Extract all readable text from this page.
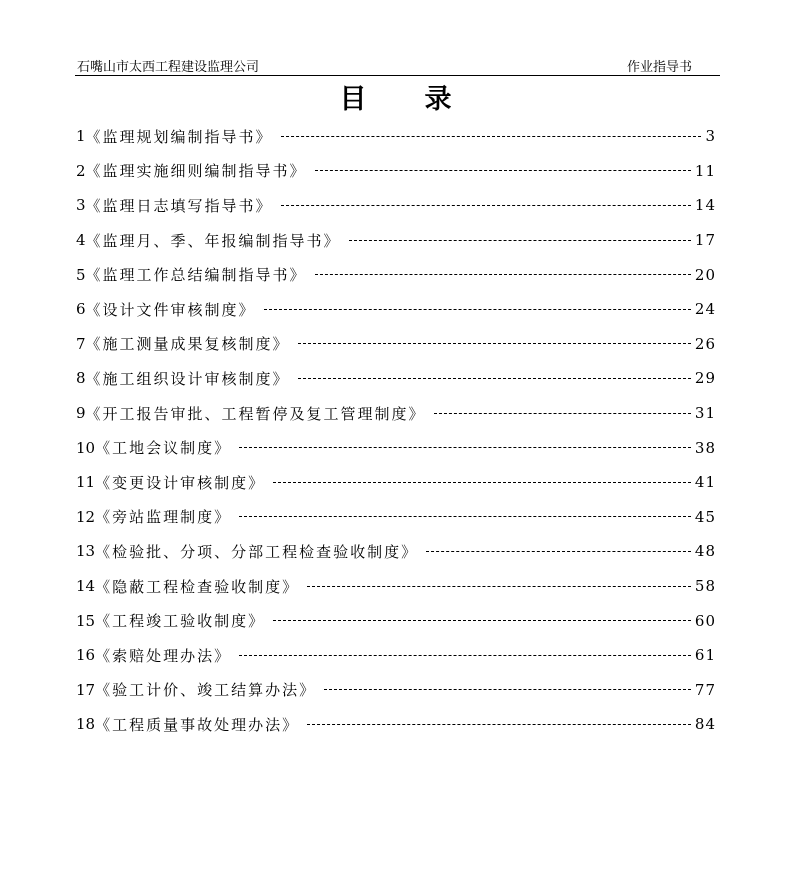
石嘴山市太西工程建设监理公司	作业指导书
目 录
1 《监理规划编制指导书》	3
2 《监理实施细则编制指导书》	11
3 《监理日志填写指导书》	14
4 《监理月、季、年报编制指导书》	17
5 《监理工作总结编制指导书》	20
6 《设计文件审核制度》	24
7 《施工测量成果复核制度》	26
8 《施工组织设计审核制度》	29
9 《开工报告审批、工程暂停及复工管理制度》	31
10 《工地会议制度》	38
11 《变更设计审核制度》	41
12 《旁站监理制度》	45
13 《检验批、分项、分部工程检查验收制度》	48
14 《隐蔽工程检查验收制度》	58
15 《工程竣工验收制度》	60
16 《索赔处理办法》	61
17 《验工计价、竣工结算办法》	77
18 《工程质量事故处理办法》	84
